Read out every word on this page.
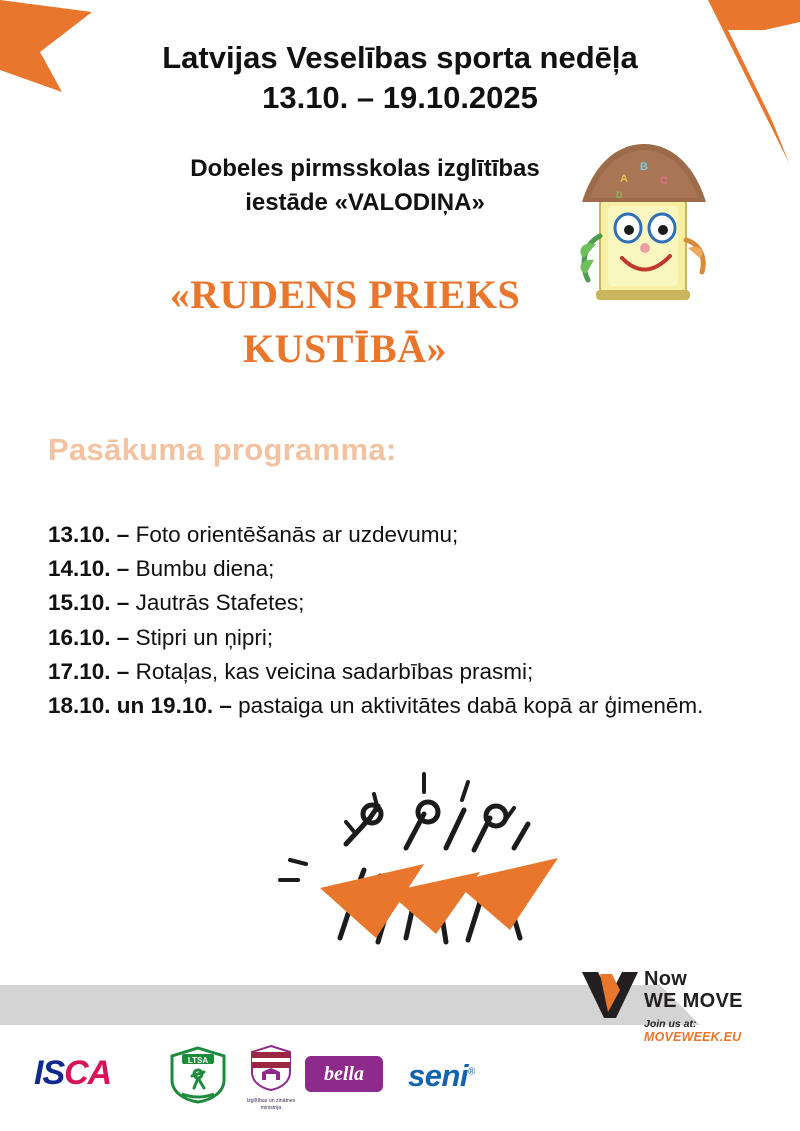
Latvijas Veselības sporta nedēļa
13.10. – 19.10.2025
Dobeles pirmsskolas izglītības
iestāde «VALODIŅA»
«RUDENS PRIEKS
KUSTĪBĀ»
A
B
C
D
Pasākuma programma:
13.10. – Foto orientēšanās ar uzdevumu;
14.10. – Bumbu diena;
15.10. – Jautrās Stafetes;
16.10. – Stipri un ņipri;
17.10. – Rotaļas, kas veicina sadarbības prasmi;
18.10. un 19.10. – pastaiga un aktivitātes dabā kopā ar ģimenēm.
Now
WE MOVE
Join us at:
MOVEWEEK.EU
ISCA	LTSA
Izglītības un zinātnes ministrija
bella	seni®
